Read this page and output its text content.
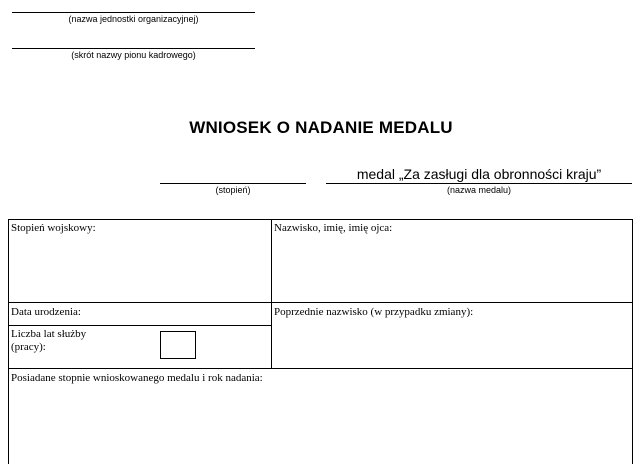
(nazwa jednostki organizacyjnej)
(skrót nazwy pionu kadrowego)
WNIOSEK O NADANIE MEDALU
(stopień)
medal „Za zasługi dla obronności kraju”
(nazwa medalu)
Stopień wojskowy:	Nazwisko, imię, imię ojca:
Data urodzenia:	Poprzednie nazwisko (w przypadku zmiany):
Liczba lat służby
(pracy):
Posiadane stopnie wnioskowanego medalu i rok nadania:
